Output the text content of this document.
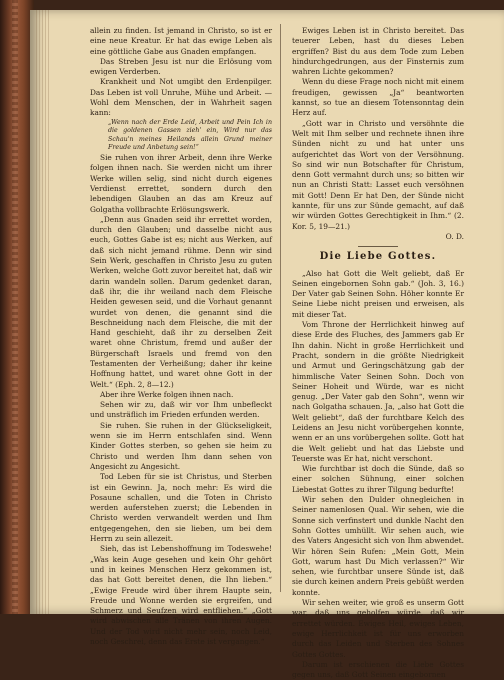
allein zu finden. Ist jemand in Christo, so ist er eine neue Kreatur. Er hat das ewige Leben als eine göttliche Gabe aus Gnaden empfangen.

Das Streben Jesu ist nur die Erlösung vom ewigen Verderben.

Krankheit und Not umgibt den Erdenpilger. Das Leben ist voll Unruhe, Mühe und Arbeit. — Wohl dem Menschen, der in Wahrheit sagen kann:

„Wenn nach der Erde Leid, Arbeit und Pein Ich in die goldenen Gassen zieh' ein, Wird nur das Schau'n meines Heilands allein Grund meiner Freude und Anbetung sein!“

Sie ruhen von ihrer Arbeit, denn ihre Werke folgen ihnen nach. Sie werden nicht um ihrer Werke willen selig, sind nicht durch eigenes Verdienst errettet, sondern durch den lebendigen Glauben an das am Kreuz auf Golgatha vollbrachte Erlösungswerk.

„Denn aus Gnaden seid ihr errettet worden, durch den Glauben; und dasselbe nicht aus euch, Gottes Gabe ist es; nicht aus Werken, auf daß sich nicht jemand rühme. Denn wir sind Sein Werk, geschaffen in Christo Jesu zu guten Werken, welche Gott zuvor bereitet hat, daß wir darin wandeln sollen. Darum gedenket daran, daß ihr, die ihr weiland nach dem Fleische Heiden gewesen seid, und die Vorhaut genannt wurdet von denen, die genannt sind die Beschneidung nach dem Fleische, die mit der Hand geschieht, daß ihr zu derselben Zeit waret ohne Christum, fremd und außer der Bürgerschaft Israels und fremd von den Testamenten der Verheißung; daher ihr keine Hoffnung hattet, und waret ohne Gott in der Welt.“ (Eph. 2, 8—12.)

Aber ihre Werke folgen ihnen nach.

Sehen wir zu, daß wir vor Ihm unbefleckt und unsträflich im Frieden erfunden werden.

Sie ruhen. Sie ruhen in der Glückseligkeit, wenn sie im Herrn entschlafen sind. Wenn Kinder Gottes sterben, so gehen sie heim zu Christo und werden Ihm dann sehen von Angesicht zu Angesicht.

Tod Leben für sie ist Christus, und Sterben ist ein Gewinn. Ja, noch mehr: Es wird die Posaune schallen, und die Toten in Christo werden auferstehen zuerst; die Lebenden in Christo werden verwandelt werden und Ihm entgegengehen, den sie lieben, um bei dem Herrn zu sein allezeit.

Sieh, das ist Lebenshoffnung im Todeswehe! „Was kein Auge gesehen und kein Ohr gehört und in keines Menschen Herz gekommen ist, das hat Gott bereitet denen, die Ihn lieben.“ „Ewige Freude wird über ihrem Haupte sein, Freude und Wonne werden sie ergreifen, und Schmerz und Seufzen wird entfliehen.“ „Gott wird abwischen alle Tränen von ihren Augen. Und der Tod wird nicht mehr sein, noch Leid, noch Geschrei, denn das Erste ist vergangen.“

Ewiges Leben ist in Christo bereitet. Das teuerer Leben, hast du dieses Leben ergriffen? Bist du aus dem Tode zum Leben hindurchgedrungen, aus der Finsternis zum wahren Lichte gekommen?

Wenn du diese Frage noch nicht mit einem freudigen, gewissen „Ja“ beantworten kannst, so tue an diesem Totensonntag dein Herz auf.

„Gott war in Christo und versöhnte die Welt mit Ihm selber und rechnete ihnen ihre Sünden nicht zu und hat unter uns aufgerichtet das Wort von der Versöhnung. So sind wir nun Botschafter für Christum, denn Gott vermahnt durch uns; so bitten wir nun an Christi Statt: Lasset euch versöhnen mit Gott! Denn Er hat Den, der Sünde nicht kannte, für uns zur Sünde gemacht, auf daß wir würden Gottes Gerechtigkeit in Ihm.“ (2. Kor. 5, 19—21.)

O. D.

Die Liebe Gottes.

„Also hat Gott die Welt geliebt, daß Er Seinen eingebornen Sohn gab.“ (Joh. 3, 16.) Der Vater gab Seinen Sohn. Höher konnte Er Seine Liebe nicht preisen und erweisen, als mit dieser Tat.

Vom Throne der Herrlichkeit hinweg auf diese Erde des Fluches, des Jammers gab Er Ihn dahin. Nicht in große Herrlichkeit und Pracht, sondern in die größte Niedrigkeit und Armut und Geringschätzung gab der himmlische Vater Seinen Sohn. Doch von Seiner Hoheit und Würde, war es nicht genug. „Der Vater gab den Sohn“, wenn wir nach Golgatha schauen. Ja, „also hat Gott die Welt geliebt“, daß der furchtbare Kelch des Leidens an Jesu nicht vorübergehen konnte, wenn er an uns vorübergehen sollte. Gott hat die Welt geliebt und hat das Liebste und Teuerste was Er hat, nicht verschont.

Wie furchtbar ist doch die Sünde, daß so einer solchen Sühnung, einer solchen Liebestat Gottes zu ihrer Tilgung bedurfte!

Wir sehen den Dulder ohnegleichen in Seiner namenlosen Qual. Wir sehen, wie die Sonne sich verfinstert und dunkle Nacht den Sohn Gottes umhüllt. Wir sehen auch, wie des Vaters Angesicht sich von Ihm abwendet. Wir hören Sein Rufen: „Mein Gott, Mein Gott, warum hast Du Mich verlassen?“ Wir sehen, wie furchtbar unsere Sünde ist, daß sie durch keinen andern Preis gebüßt werden konnte.

Wir sehen weiter, wie groß es unserm Gott war, daß uns geholfen würde, daß wir errettet würden. Ewiges Heil, ewiges Leben, ewige Herrlichkeit ist für uns erworben durch das Leiden und Sterben des Sohnes Gottes Gottes.

Darum ist erschienen die Liebe Gottes gegen uns, daß Gott Seinen eingebornen
